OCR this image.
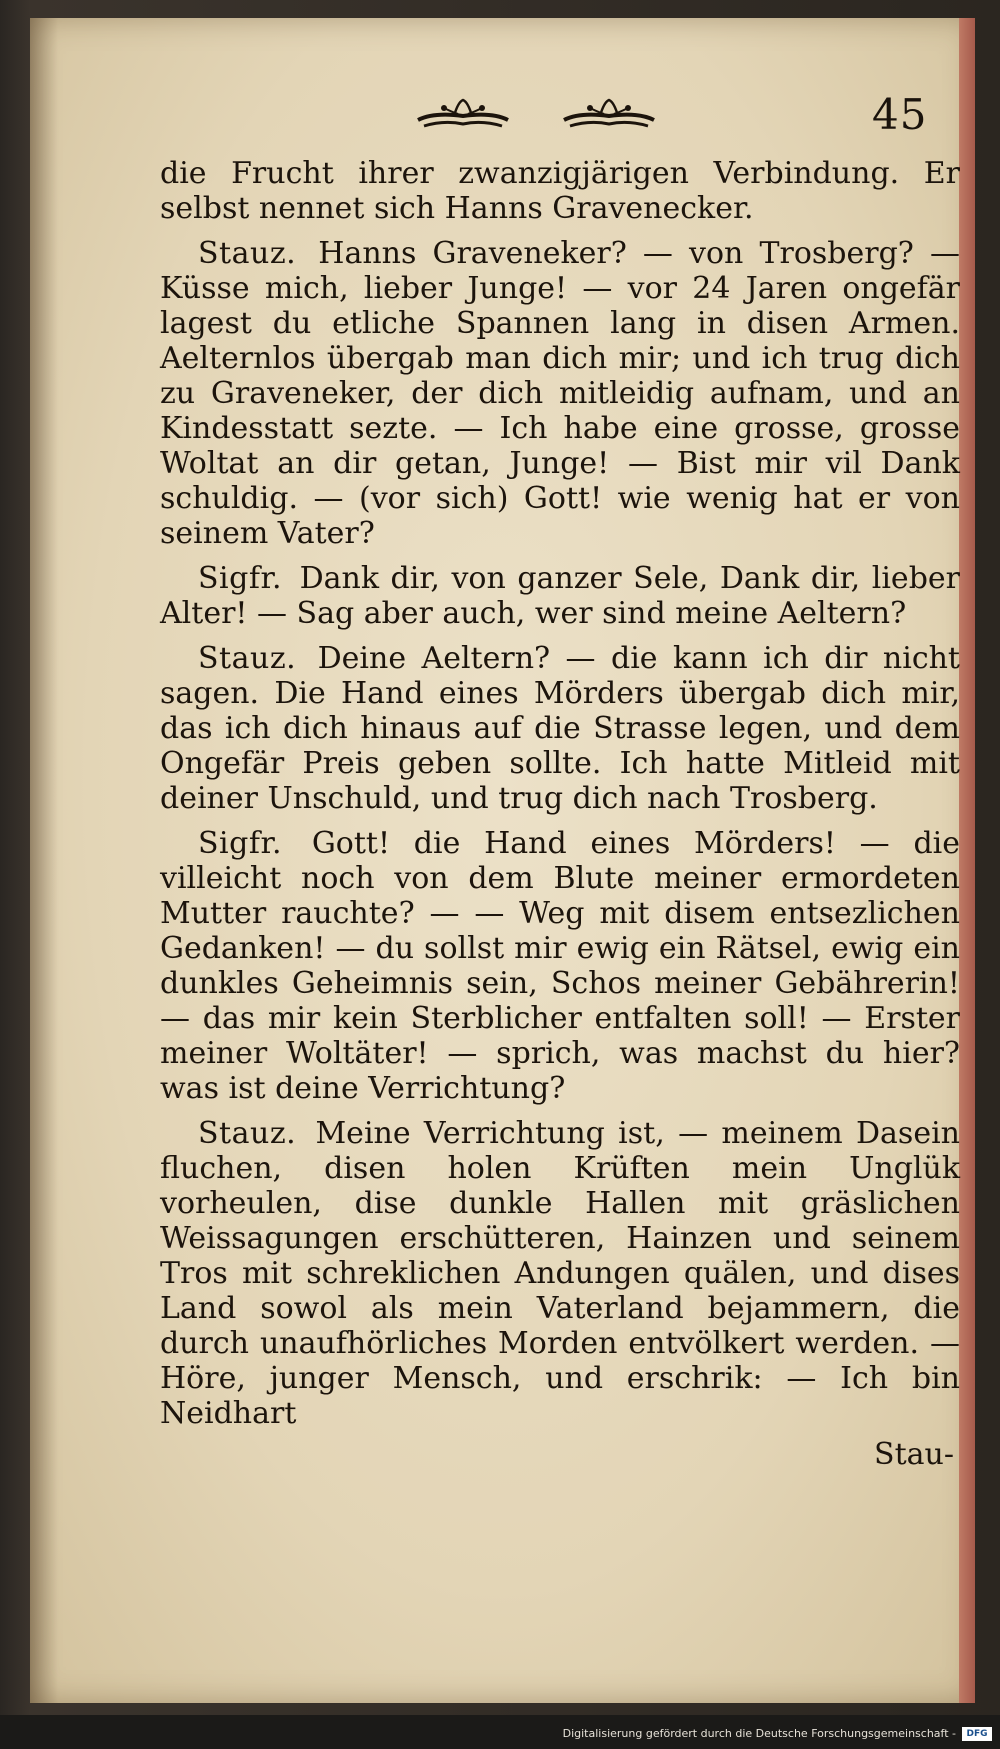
45

die Frucht ihrer zwanzigjärigen Verbindung. Er selbst nennet sich Hanns Gravenecker.

Stauz. Hanns Graveneker? — von Trosberg? — Küsse mich, lieber Junge! — vor 24 Jaren ongefär lagest du etliche Spannen lang in disen Armen. Aelternlos übergab man dich mir; und ich trug dich zu Graveneker, der dich mitleidig aufnam, und an Kindesstatt sezte. — Ich habe eine grosse, grosse Woltat an dir getan, Junge! — Bist mir vil Dank schuldig. — (vor sich) Gott! wie wenig hat er von seinem Vater?

Sigfr. Dank dir, von ganzer Sele, Dank dir, lieber Alter! — Sag aber auch, wer sind meine Aeltern?

Stauz. Deine Aeltern? — die kann ich dir nicht sagen. Die Hand eines Mörders übergab dich mir, das ich dich hinaus auf die Strasse legen, und dem Ongefär Preis geben sollte. Ich hatte Mitleid mit deiner Unschuld, und trug dich nach Trosberg.

Sigfr. Gott! die Hand eines Mörders! — die villeicht noch von dem Blute meiner ermordeten Mutter rauchte? — — Weg mit disem entsezlichen Gedanken! — du sollst mir ewig ein Rätsel, ewig ein dunkles Geheimnis sein, Schos meiner Gebährerin! — das mir kein Sterblicher entfalten soll! — Erster meiner Woltäter! — sprich, was machst du hier? was ist deine Verrichtung?

Stauz. Meine Verrichtung ist, — meinem Dasein fluchen, disen holen Krüften mein Unglük vorheulen, dise dunkle Hallen mit gräslichen Weissagungen erschütteren, Hainzen und seinem Tros mit schreklichen Andungen quälen, und dises Land sowol als mein Vaterland bejammern, die durch unaufhörliches Morden entvölkert werden. — Höre, junger Mensch, und erschrik: — Ich bin Neidhart

Stau-
Digitalisierung gefördert durch die Deutsche Forschungsgemeinschaft -	DFG
